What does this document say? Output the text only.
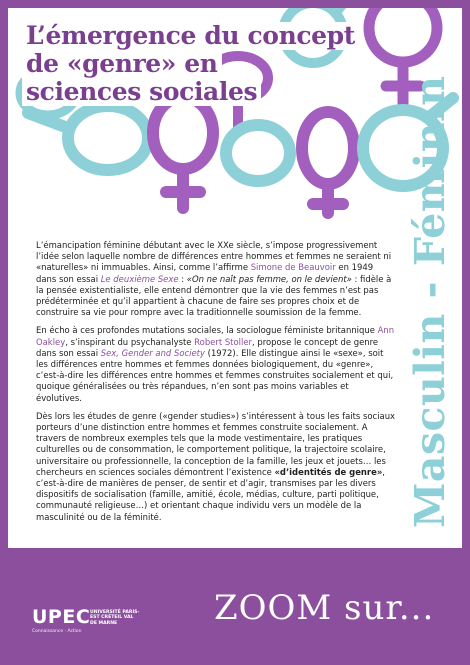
L’émergence du concept
de «genre» en
sciences sociales	Masculin - Féminin

L’émancipation féminine débutant avec le XXe siècle, s’impose progressivement l’idée selon laquelle nombre de différences entre hommes et femmes ne seraient ni «naturelles» ni immuables. Ainsi, comme l’affirme Simone de Beauvoir en 1949 dans son essai Le deuxième Sexe : «On ne naît pas femme, on le devient» : fidèle à la pensée existentialiste, elle entend démontrer que la vie des femmes n’est pas prédéterminée et qu’il appartient à chacune de faire ses propres choix et de construire sa vie pour rompre avec la traditionnelle soumission de la femme.

En écho à ces profondes mutations sociales, la sociologue féministe britannique Ann Oakley, s’inspirant du psychanalyste Robert Stoller, propose le concept de genre dans son essai Sex, Gender and Society (1972). Elle distingue ainsi le «sexe», soit les différences entre hommes et femmes données biologiquement, du «genre», c’est-à-dire les différences entre hommes et femmes construites socialement et qui, quoique généralisées ou très répandues, n’en sont pas moins variables et évolutives.

Dès lors les études de genre («gender studies») s’intéressent à tous les faits sociaux porteurs d’une distinction entre hommes et femmes construite socialement. A travers de nombreux exemples tels que la mode vestimentaire, les pratiques culturelles ou de consommation, le comportement politique, la trajectoire scolaire, universitaire ou professionnelle, la conception de la famille, les jeux et jouets… les chercheurs en sciences sociales démontrent l’existence «d’identités de genre», c’est-à-dire de manières de penser, de sentir et d’agir, transmises par les divers dispositifs de socialisation (famille, amitié, école, médias, culture, parti politique, communauté religieuse…) et orientant chaque individu vers un modèle de la masculinité ou de la féminité.

UPEC
Connaissance · Action
UNIVERSITÉ PARIS-EST CRÉTEIL VAL DE MARNE	ZOOM sur...
